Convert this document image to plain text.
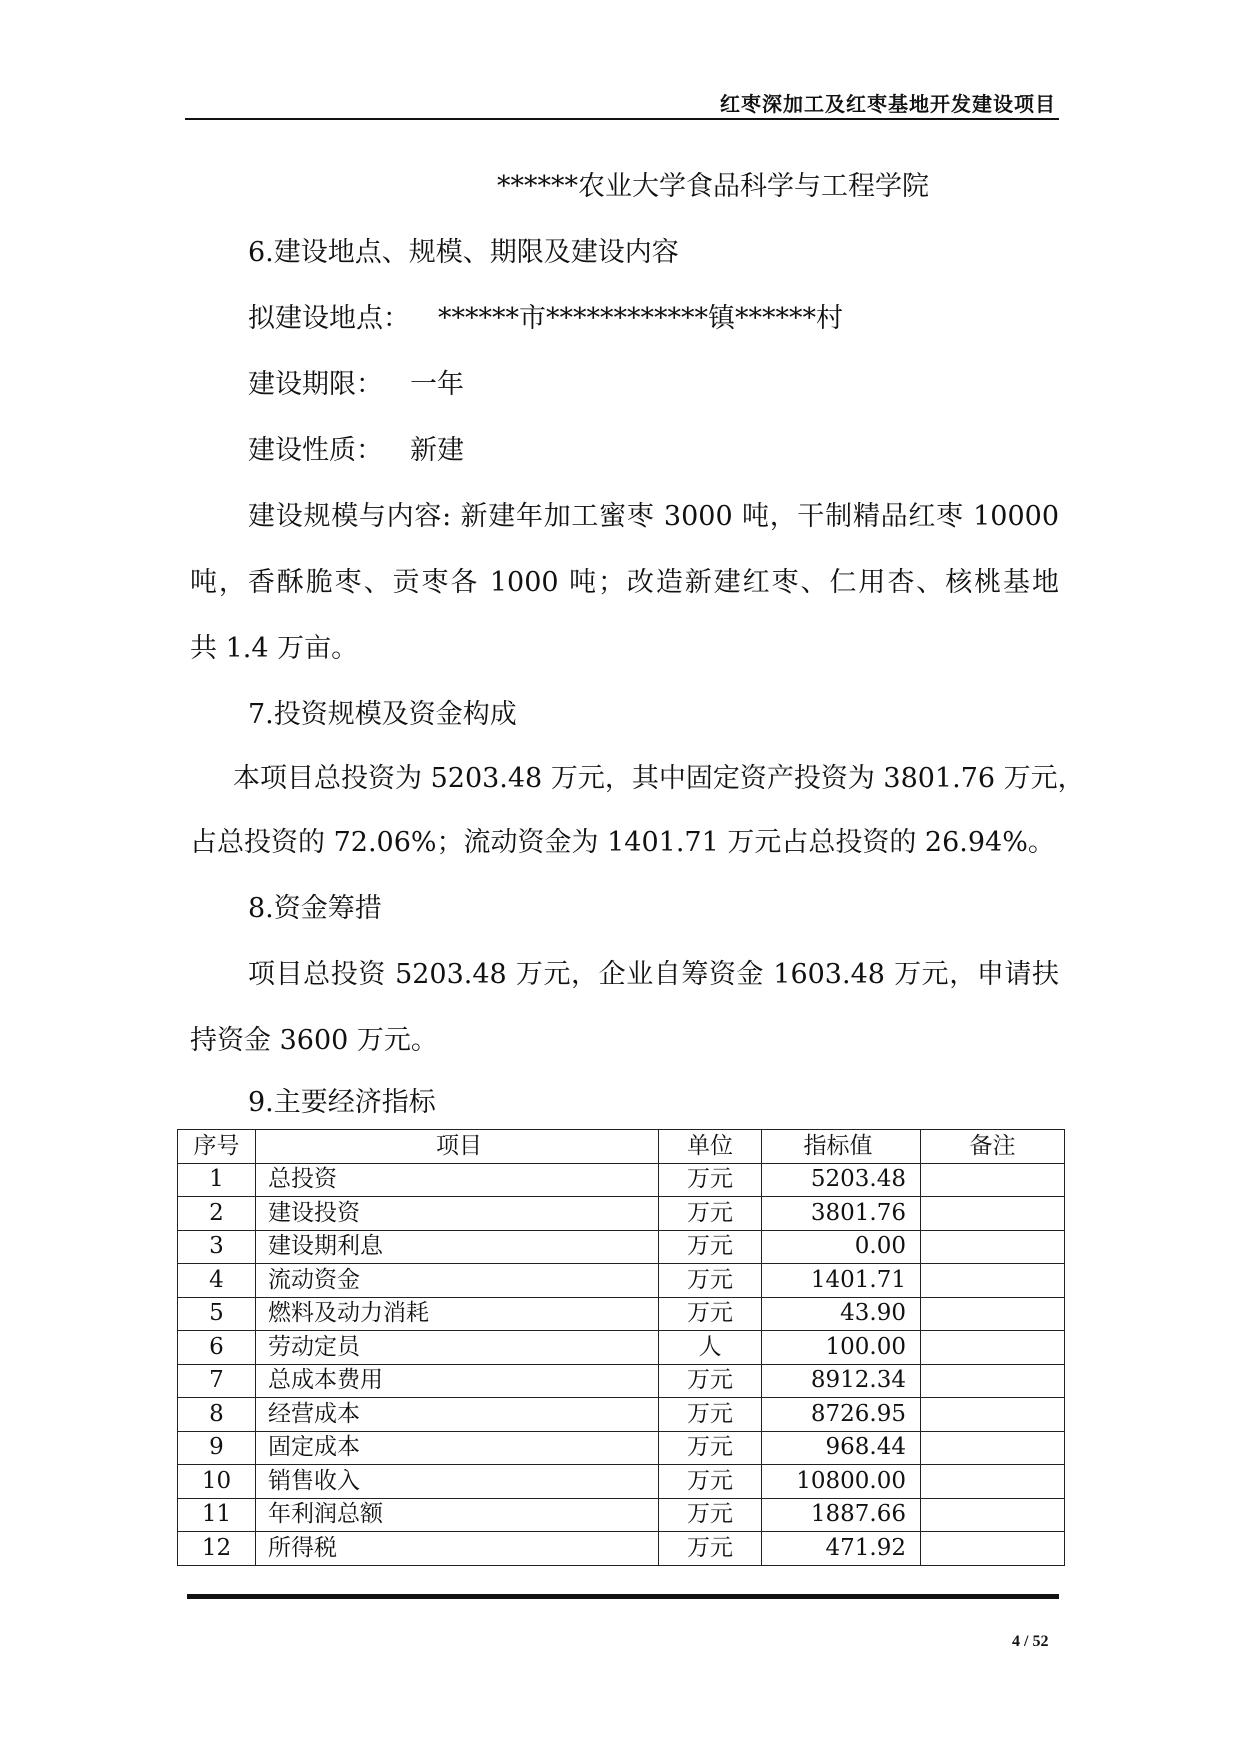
红枣深加工及红枣基地开发建设项目
******农业大学食品科学与工程学院
6.建设地点、规模、期限及建设内容
拟建设地点： ******市************镇******村
建设期限： 一年
建设性质： 新建
建设规模与内容: 新建年加工蜜枣 3000 吨，干制精品红枣 10000
吨，香酥脆枣、贡枣各 1000 吨；改造新建红枣、仁用杏、核桃基地
共 1.4 万亩。
7.投资规模及资金构成
本项目总投资为 5203.48 万元，其中固定资产投资为 3801.76 万元，
占总投资的 72.06%；流动资金为 1401.71 万元占总投资的 26.94%。
8.资金筹措
项目总投资 5203.48 万元，企业自筹资金 1603.48 万元，申请扶
持资金 3600 万元。
9.主要经济指标
序号	项目	单位	指标值	备注
1	总投资	万元	5203.48	
2	建设投资	万元	3801.76	
3	建设期利息	万元	0.00	
4	流动资金	万元	1401.71	
5	燃料及动力消耗	万元	43.90	
6	劳动定员	人	100.00	
7	总成本费用	万元	8912.34	
8	经营成本	万元	8726.95	
9	固定成本	万元	968.44	
10	销售收入	万元	10800.00	
11	年利润总额	万元	1887.66	
12	所得税	万元	471.92	
4 / 52
